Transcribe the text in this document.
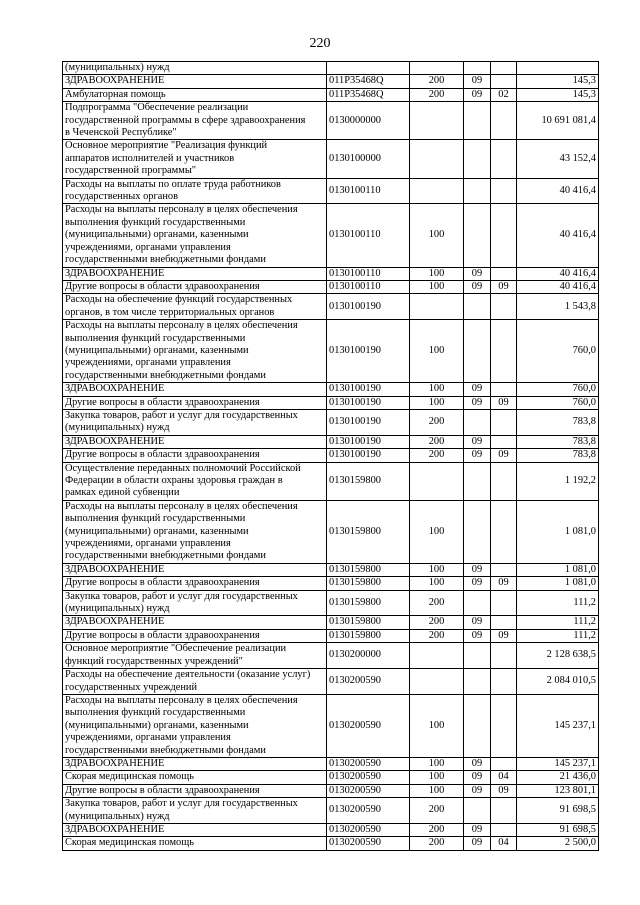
220
(муниципальных) нужд					
ЗДРАВООХРАНЕНИЕ	011P35468Q	200	09		145,3
Амбулаторная помощь	011P35468Q	200	09	02	145,3
Подпрограмма "Обеспечение реализации
государственной программы в сфере здравоохранения
в Чеченской Республике"	0130000000				10 691 081,4
Основное мероприятие "Реализация функций
аппаратов исполнителей и участников
государственной программы"	0130100000				43 152,4
Расходы на выплаты по оплате труда работников
государственных органов	0130100110				40 416,4
Расходы на выплаты персоналу в целях обеспечения
выполнения функций государственными
(муниципальными) органами, казенными
учреждениями, органами управления
государственными внебюджетными фондами	0130100110	100			40 416,4
ЗДРАВООХРАНЕНИЕ	0130100110	100	09		40 416,4
Другие вопросы в области здравоохранения	0130100110	100	09	09	40 416,4
Расходы на обеспечение функций государственных
органов, в том числе территориальных органов	0130100190				1 543,8
Расходы на выплаты персоналу в целях обеспечения
выполнения функций государственными
(муниципальными) органами, казенными
учреждениями, органами управления
государственными внебюджетными фондами	0130100190	100			760,0
ЗДРАВООХРАНЕНИЕ	0130100190	100	09		760,0
Другие вопросы в области здравоохранения	0130100190	100	09	09	760,0
Закупка товаров, работ и услуг для государственных
(муниципальных) нужд	0130100190	200			783,8
ЗДРАВООХРАНЕНИЕ	0130100190	200	09		783,8
Другие вопросы в области здравоохранения	0130100190	200	09	09	783,8
Осуществление переданных полномочий Российской
Федерации в области охраны здоровья граждан в
рамках единой субвенции	0130159800				1 192,2
Расходы на выплаты персоналу в целях обеспечения
выполнения функций государственными
(муниципальными) органами, казенными
учреждениями, органами управления
государственными внебюджетными фондами	0130159800	100			1 081,0
ЗДРАВООХРАНЕНИЕ	0130159800	100	09		1 081,0
Другие вопросы в области здравоохранения	0130159800	100	09	09	1 081,0
Закупка товаров, работ и услуг для государственных
(муниципальных) нужд	0130159800	200			111,2
ЗДРАВООХРАНЕНИЕ	0130159800	200	09		111,2
Другие вопросы в области здравоохранения	0130159800	200	09	09	111,2
Основное мероприятие "Обеспечение реализации
функций государственных учреждений"	0130200000				2 128 638,5
Расходы на обеспечение деятельности (оказание услуг)
государственных учреждений	0130200590				2 084 010,5
Расходы на выплаты персоналу в целях обеспечения
выполнения функций государственными
(муниципальными) органами, казенными
учреждениями, органами управления
государственными внебюджетными фондами	0130200590	100			145 237,1
ЗДРАВООХРАНЕНИЕ	0130200590	100	09		145 237,1
Скорая медицинская помощь	0130200590	100	09	04	21 436,0
Другие вопросы в области здравоохранения	0130200590	100	09	09	123 801,1
Закупка товаров, работ и услуг для государственных
(муниципальных) нужд	0130200590	200			91 698,5
ЗДРАВООХРАНЕНИЕ	0130200590	200	09		91 698,5
Скорая медицинская помощь	0130200590	200	09	04	2 500,0
